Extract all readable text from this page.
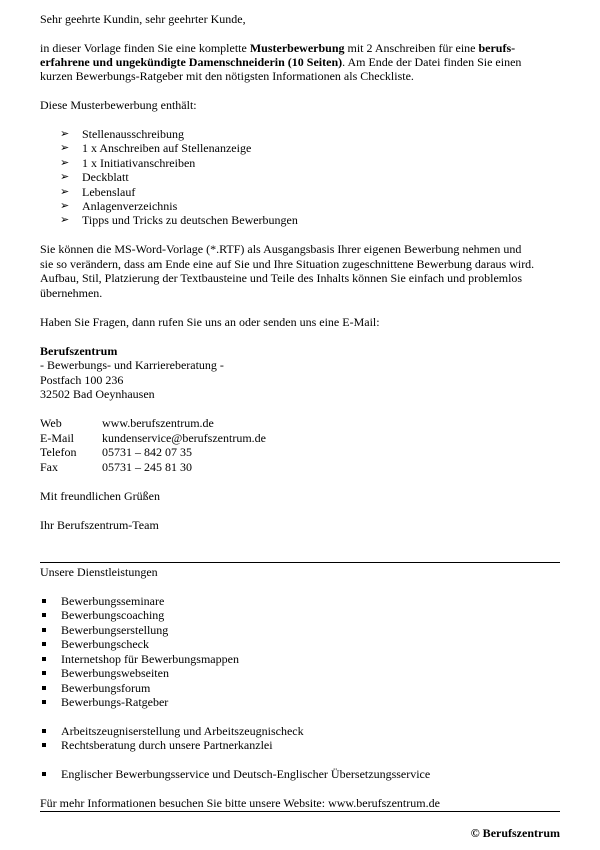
Sehr geehrte Kundin, sehr geehrter Kunde,
in dieser Vorlage finden Sie eine komplette Musterbewerbung mit 2 Anschreiben für eine berufs-
erfahrene und ungekündigte Damenschneiderin (10 Seiten). Am Ende der Datei finden Sie einen
kurzen Bewerbungs-Ratgeber mit den nötigsten Informationen als Checkliste.
Diese Musterbewerbung enthält:
➢ Stellenausschreibung
➢ 1 x Anschreiben auf Stellenanzeige
➢ 1 x Initiativanschreiben
➢ Deckblatt
➢ Lebenslauf
➢ Anlagenverzeichnis
➢ Tipps und Tricks zu deutschen Bewerbungen
Sie können die MS-Word-Vorlage (*.RTF) als Ausgangsbasis Ihrer eigenen Bewerbung nehmen und
sie so verändern, dass am Ende eine auf Sie und Ihre Situation zugeschnittene Bewerbung daraus wird.
Aufbau, Stil, Platzierung der Textbausteine und Teile des Inhalts können Sie einfach und problemlos
übernehmen.
Haben Sie Fragen, dann rufen Sie uns an oder senden uns eine E-Mail:
Berufszentrum
- Bewerbungs- und Karriereberatung -
Postfach 100 236
32502 Bad Oeynhausen
Web	www.berufszentrum.de
E-Mail kundenservice@berufszentrum.de
Telefon 05731 – 842 07 35
Fax	05731 – 245 81 30
Mit freundlichen Grüßen
Ihr Berufszentrum-Team
Unsere Dienstleistungen
Bewerbungsseminare
Bewerbungscoaching
Bewerbungserstellung
Bewerbungscheck
Internetshop für Bewerbungsmappen
Bewerbungswebseiten
Bewerbungsforum
Bewerbungs-Ratgeber
Arbeitszeugniserstellung und Arbeitszeugnischeck
Rechtsberatung durch unsere Partnerkanzlei
Englischer Bewerbungsservice und Deutsch-Englischer Übersetzungsservice
Für mehr Informationen besuchen Sie bitte unsere Website: www.berufszentrum.de
© Berufszentrum
